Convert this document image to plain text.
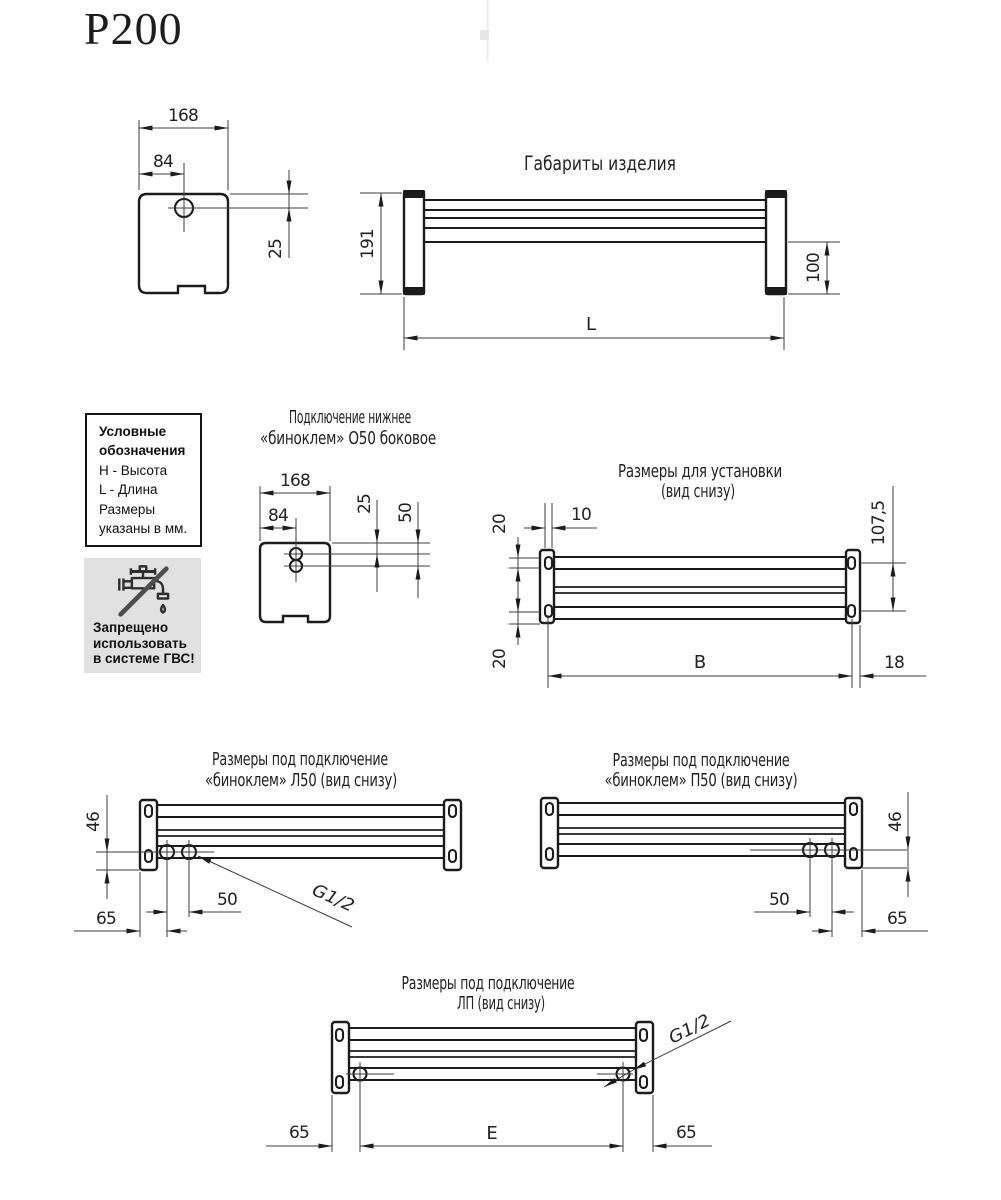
P200
168
84
25
Габариты изделия
191
100
L
Подключение нижнее
«биноклем» О50 боковое
168
84
25 50
Размеры для установки
(вид снизу)
20
20
10	107,5
B	18
Размеры под подключение
«биноклем» Л50 (вид снизу)
46
50
65
G1/2
Размеры под подключение
«биноклем» П50 (вид снизу)
46
50
65
Размеры под подключение
ЛП (вид снизу)
65	E	65
G1/2
Условные
обозначения
Н - Высота
L - Длина
Размеры
указаны в мм.
Запрещено
использовать
в системе ГВС!
